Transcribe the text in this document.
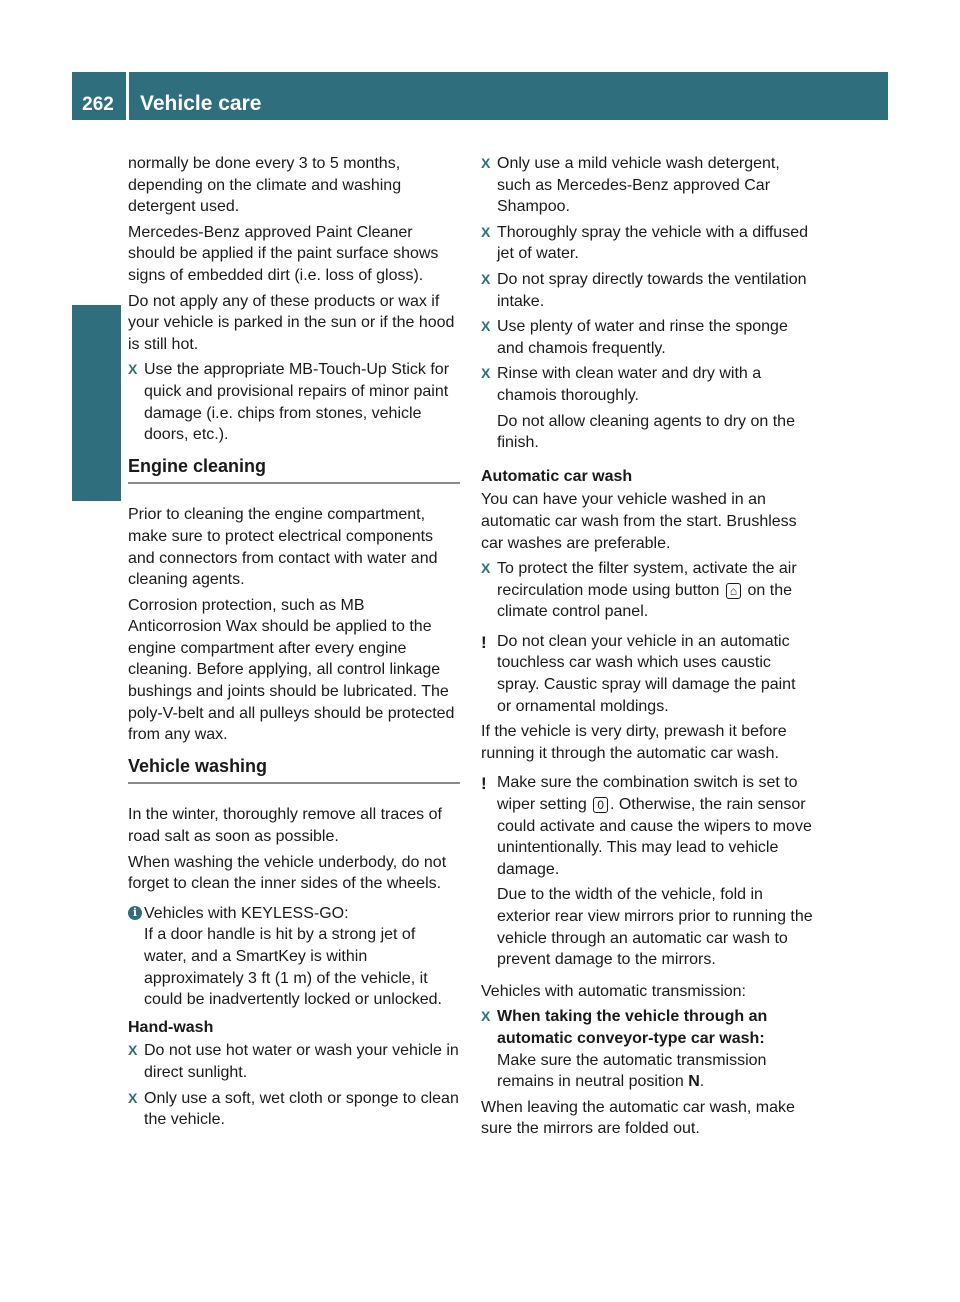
262	Vehicle care
Operation

normally be done every 3 to 5 months, depending on the climate and washing detergent used.

Mercedes-Benz approved Paint Cleaner should be applied if the paint surface shows signs of embedded dirt (i.e. loss of gloss).

Do not apply any of these products or wax if your vehicle is parked in the sun or if the hood is still hot.

X Use the appropriate MB-Touch-Up Stick for quick and provisional repairs of minor paint damage (i.e. chips from stones, vehicle doors, etc.).
Engine cleaning

Prior to cleaning the engine compartment, make sure to protect electrical components and connectors from contact with water and cleaning agents.

Corrosion protection, such as MB Anticorrosion Wax should be applied to the engine compartment after every engine cleaning. Before applying, all control linkage bushings and joints should be lubricated. The poly-V-belt and all pulleys should be protected from any wax.

Vehicle washing

In the winter, thoroughly remove all traces of road salt as soon as possible.

When washing the vehicle underbody, do not forget to clean the inner sides of the wheels.

i Vehicles with KEYLESS-GO:
If a door handle is hit by a strong jet of water, and a SmartKey is within approximately 3 ft (1 m) of the vehicle, it could be inadvertently locked or unlocked.
Hand-wash
X Do not use hot water or wash your vehicle in direct sunlight.
X Only use a soft, wet cloth or sponge to clean the vehicle.
X Only use a mild vehicle wash detergent, such as Mercedes-Benz approved Car Shampoo.
X Thoroughly spray the vehicle with a diffused jet of water.
X Do not spray directly towards the ventilation intake.
X Use plenty of water and rinse the sponge and chamois frequently.
X Rinse with clean water and dry with a chamois thoroughly.

Do not allow cleaning agents to dry on the finish.

Automatic car wash

You can have your vehicle washed in an automatic car wash from the start. Brushless car washes are preferable.

X To protect the filter system, activate the air recirculation mode using button ⌂ on the climate control panel.
! Do not clean your vehicle in an automatic touchless car wash which uses caustic spray. Caustic spray will damage the paint or ornamental moldings.

If the vehicle is very dirty, prewash it before running it through the automatic car wash.

! Make sure the combination switch is set to wiper setting 0 . Otherwise, the rain sensor could activate and cause the wipers to move unintentionally. This may lead to vehicle damage.

Due to the width of the vehicle, fold in exterior rear view mirrors prior to running the vehicle through an automatic car wash to prevent damage to the mirrors.

Vehicles with automatic transmission:

X When taking the vehicle through an automatic conveyor-type car wash:
Make sure the automatic transmission remains in neutral position N.

When leaving the automatic car wash, make sure the mirrors are folded out.
